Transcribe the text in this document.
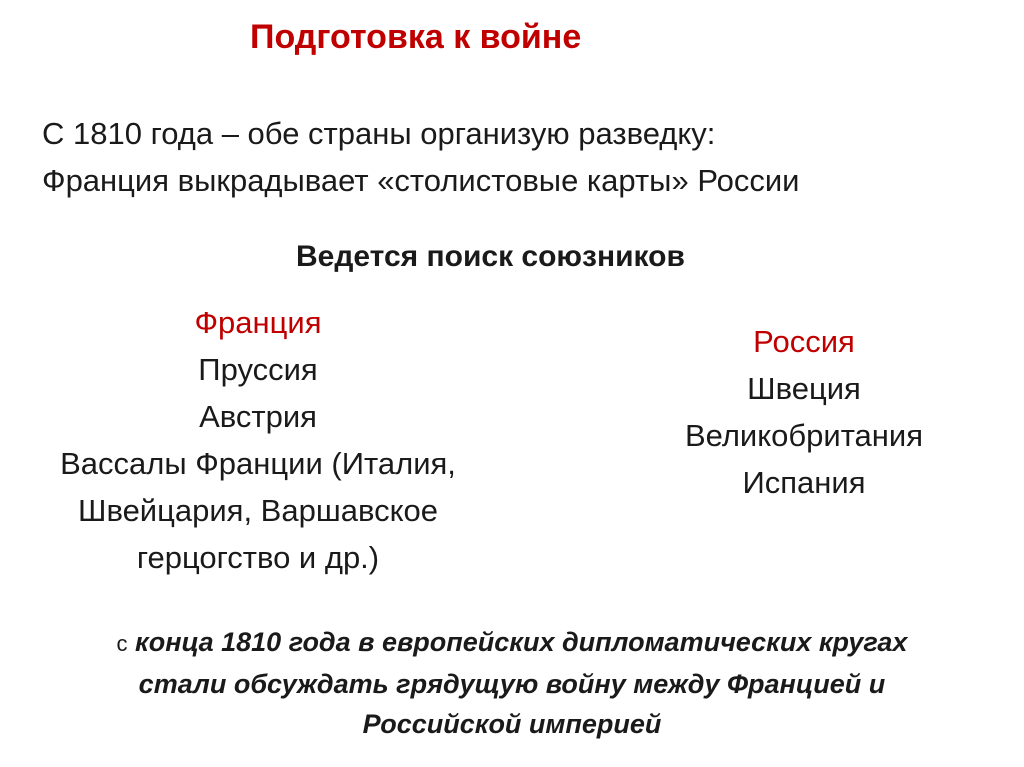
Подготовка к войне
С 1810 года – обе страны организую разведку:
Франция выкрадывает «столистовые карты» России
Ведется поиск союзников
Франция
Пруссия
Австрия
Вассалы Франции (Италия,
Швейцария, Варшавское
герцогство и др.)
Россия
Швеция
Великобритания
Испания
с конца 1810 года в европейских дипломатических кругах
стали обсуждать грядущую войну между Францией и
Российской империей
